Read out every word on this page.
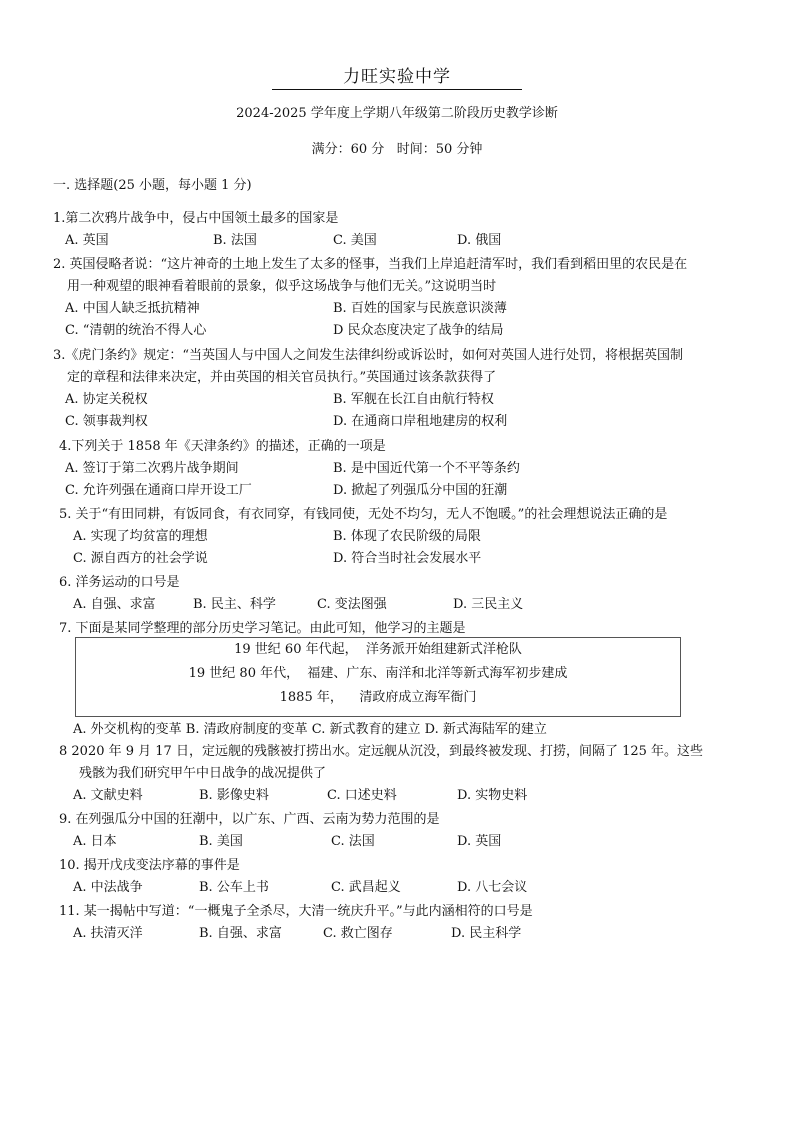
力旺实验中学
2024-2025 学年度上学期八年级第二阶段历史教学诊断
满分：60 分   时间：50 分钟
一. 选择题(25 小题，每小题 1 分)
1.第二次鸦片战争中，侵占中国领土最多的国家是
A. 英国	B. 法国	C. 美国	D. 俄国
2. 英国侵略者说：“这片神奇的土地上发生了太多的怪事，当我们上岸追赶清军时，我们看到稻田里的农民是在
用一种观望的眼神看着眼前的景象，似乎这场战争与他们无关。”这说明当时
A. 中国人缺乏抵抗精神	B. 百姓的国家与民族意识淡薄
C. “清朝的统治不得人心	D 民众态度决定了战争的结局
3.《虎门条约》规定：“当英国人与中国人之间发生法律纠纷或诉讼时，如何对英国人进行处罚，将根据英国制
定的章程和法律来决定，并由英国的相关官员执行。”英国通过该条款获得了
A. 协定关税权	B. 军舰在长江自由航行特权
C. 领事裁判权	D. 在通商口岸租地建房的权利
4.下列关于 1858 年《天津条约》的描述，正确的一项是
A. 签订于第二次鸦片战争期间	B. 是中国近代第一个不平等条约
C. 允许列强在通商口岸开设工厂	D. 掀起了列强瓜分中国的狂潮
5. 关于“有田同耕，有饭同食，有衣同穿，有钱同使，无处不均匀，无人不饱暖。”的社会理想说法正确的是
A. 实现了均贫富的理想	B. 体现了农民阶级的局限
C. 源自西方的社会学说	D. 符合当时社会发展水平
6. 洋务运动的口号是
A. 自强、求富	B. 民主、科学	C. 变法图强	D. 三民主义
7. 下面是某同学整理的部分历史学习笔记。由此可知，他学习的主题是
19 世纪 60 年代起，  洋务派开始组建新式洋枪队
19 世纪 80 年代，  福建、广东、南洋和北洋等新式海军初步建成
1885 年，    清政府成立海军衙门
A. 外交机构的变革 B. 清政府制度的变革 C. 新式教育的建立 D. 新式海陆军的建立
8 2020 年 9 月 17 日，定远舰的残骸被打捞出水。定远舰从沉没，到最终被发现、打捞，间隔了 125 年。这些
残骸为我们研究甲午中日战争的战况提供了
A. 文献史料	B. 影像史料	C. 口述史料	D. 实物史料
9. 在列强瓜分中国的狂潮中，以广东、广西、云南为势力范围的是
A. 日本	B. 美国	C. 法国	D. 英国
10. 揭开戊戌变法序幕的事件是
A. 中法战争	B. 公车上书	C. 武昌起义	D. 八七会议
11. 某一揭帖中写道：“一概鬼子全杀尽，大清一统庆升平。”与此内涵相符的口号是
A. 扶清灭洋	B. 自强、求富	C. 救亡图存	D. 民主科学
